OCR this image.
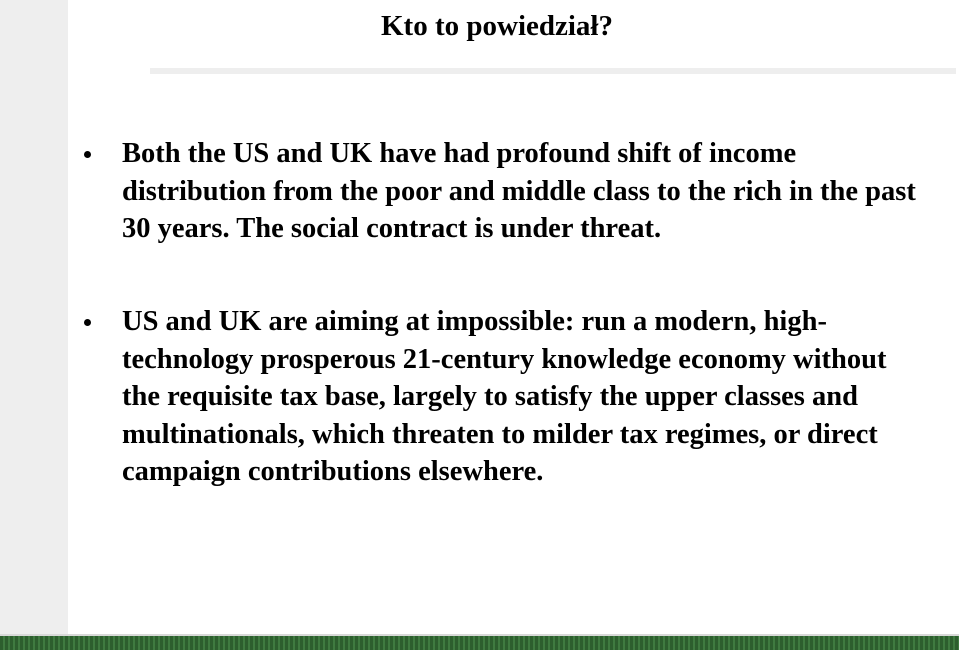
Kto to powiedział?
Both the US and UK have had profound shift of income distribution from the poor and middle class to the rich in the past 30 years. The social contract is under threat.
US and UK are aiming at impossible: run a modern, high-technology prosperous 21-century knowledge economy without the requisite tax base, largely to satisfy the upper classes and multinationals, which threaten to milder tax regimes, or direct campaign contributions elsewhere.
